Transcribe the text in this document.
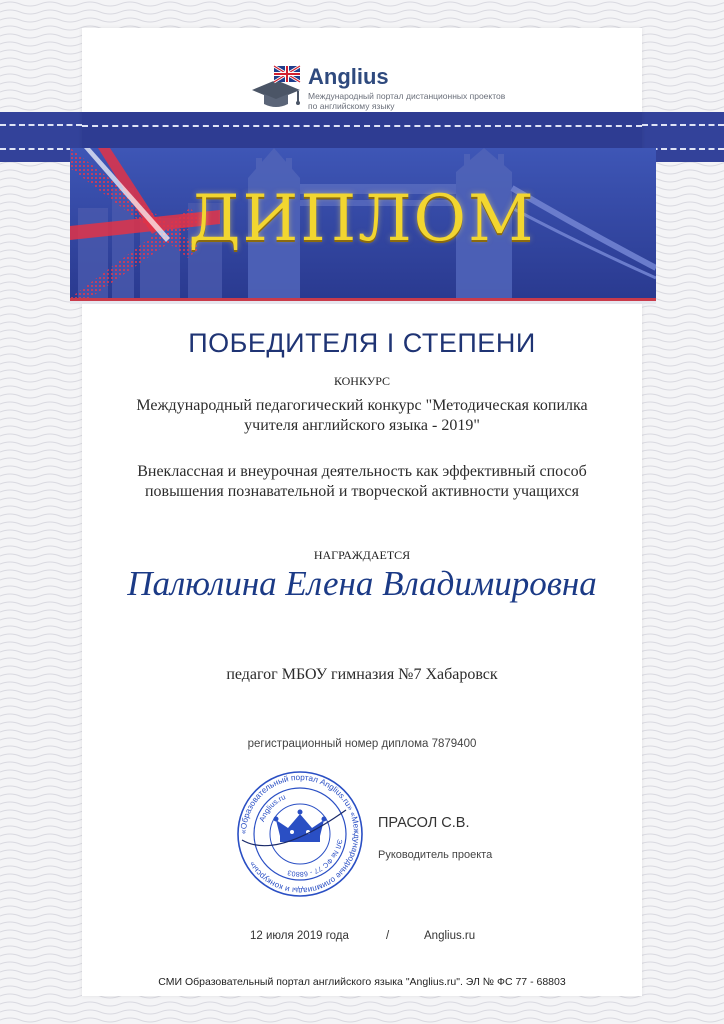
Anglius
Международный портал дистанционных проектов по английскому языку
ДИПЛОМ
ПОБЕДИТЕЛЯ I СТЕПЕНИ
КОНКУРС
Международный педагогический конкурс "Методическая копилка учителя английского языка - 2019"
Внеклассная и внеурочная деятельность как эффективный способ повышения познавательной и творческой активности учащихся
НАГРАЖДАЕТСЯ
Палюлина Елена Владимировна
педагог МБОУ гимназия №7 Хабаровск
регистрационный номер диплома 7879400
«Образовательный портал Anglius.ru» «Международные олимпиады и конкурсы»
Anglius.ru
ЭЛ № ФС 77 - 68803
ПРАСОЛ С.В.
Руководитель проекта
12 июля 2019 года	/	Anglius.ru
СМИ Образовательный портал английского языка "Anglius.ru". ЭЛ № ФС 77 - 68803
